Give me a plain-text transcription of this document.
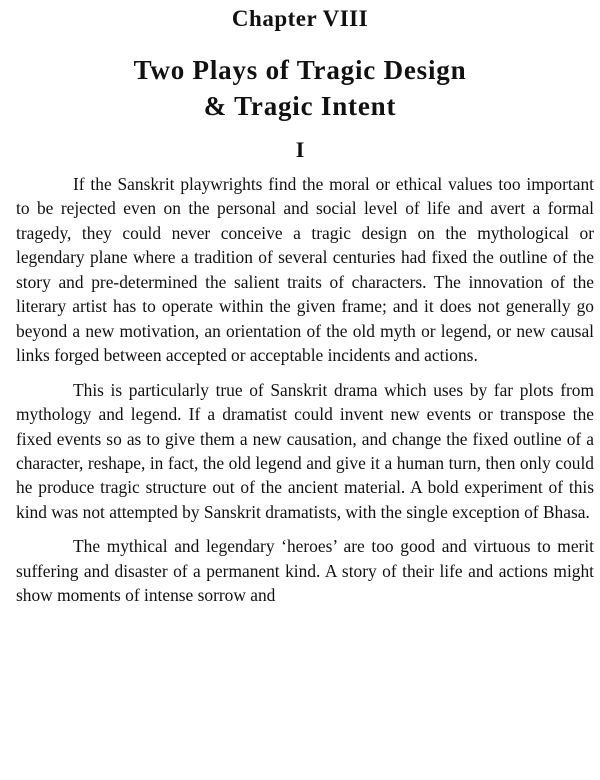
Chapter VIII
Two Plays of Tragic Design
& Tragic Intent
I

If the Sanskrit playwrights find the moral or ethical values too important to be rejected even on the personal and social level of life and avert a formal tragedy, they could never conceive a tragic design on the mythological or legendary plane where a tradition of several centuries had fixed the outline of the story and pre-determined the salient traits of characters. The innovation of the literary artist has to operate within the given frame; and it does not generally go beyond a new motivation, an orientation of the old myth or legend, or new causal links forged between accepted or acceptable incidents and actions.

This is particularly true of Sanskrit drama which uses by far plots from mythology and legend. If a dramatist could invent new events or transpose the fixed events so as to give them a new causation, and change the fixed outline of a character, reshape, in fact, the old legend and give it a human turn, then only could he produce tragic structure out of the ancient material. A bold experiment of this kind was not attempted by Sanskrit dramatists, with the single exception of Bhasa.

The mythical and legendary ‘heroes’ are too good and virtuous to merit suffering and disaster of a permanent kind. A story of their life and actions might show moments of intense sorrow and
